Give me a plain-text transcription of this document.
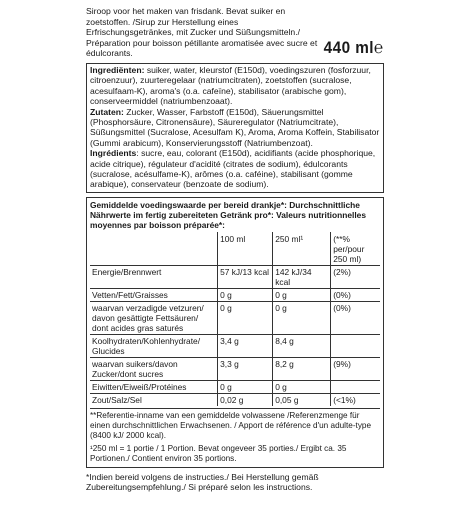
Siroop voor het maken van frisdank. Bevat suiker en zoetstoffen. /Sirup zur Herstellung eines Erfrischungsgetränkes, mit Zucker und Süßungsmitteln./ Préparation pour boisson pétillante aromatisée avec sucre et édulcorants.	440 ml℮

Ingrediënten: suiker, water, kleurstof (E150d), voedingszuren (fosforzuur, citroenzuur), zuurteregelaar (natriumcitraten), zoetstoffen (sucralose, acesulfaam-K), aroma's (o.a. cafeïne), stabilisator (arabische gom), conserveermiddel (natriumbenzoaat).

Zutaten: Zucker, Wasser, Farbstoff (E150d), Säuerungsmittel (Phosphorsäure, Citronensäure), Säureregulator (Natriumcitrate), Süßungsmittel (Sucralose, Acesulfam K), Aroma, Aroma Koffein, Stabilisator (Gummi arabicum), Konservierungsstoff (Natriumbenzoat).

Ingrédients: sucre, eau, colorant (E150d), acidifiants (acide phosphorique, acide citrique), régulateur d'acidité (citrates de sodium), édulcorants (sucralose, acésulfame-K), arômes (o.a. caféine), stabilisant (gomme arabique), conservateur (benzoate de sodium).

Gemiddelde voedingswaarde per bereid drankje*: Durchschnittliche Nährwerte im fertig zubereiteten Getränk pro*: Valeurs nutritionnelles moyennes par boisson préparée*:
	100 ml	250 ml¹	(**% per/pour 250 ml)
Energie/Brennwert	57 kJ/13 kcal	142 kJ/34 kcal	(2%)
Vetten/Fett/Graisses	0 g	0 g	(0%)
waarvan verzadigde vetzuren/ davon gesättigte Fettsäuren/ dont acides gras saturés	0 g	0 g	(0%)
Koolhydraten/Kohlenhydrate/ Glucides	3,4 g	8,4 g	
waarvan suikers/davon Zucker/dont sucres	3,3 g	8,2 g	(9%)
Eiwitten/Eiweiß/Protéines	0 g	0 g	
Zout/Salz/Sel	0,02 g	0,05 g	(<1%)
**Referentie-inname van een gemiddelde volwassene /Referenzmenge für einen durchschnittlichen Erwachsenen. / Apport de référence d'un adulte-type (8400 kJ/ 2000 kcal).
¹250 ml = 1 portie / 1 Portion. Bevat ongeveer 35 porties./ Ergibt ca. 35 Portionen./ Contient environ 35 portions.
*Indien bereid volgens de instructies./ Bei Herstellung gemäß Zubereitungsempfehlung./ Si préparé selon les instructions.
